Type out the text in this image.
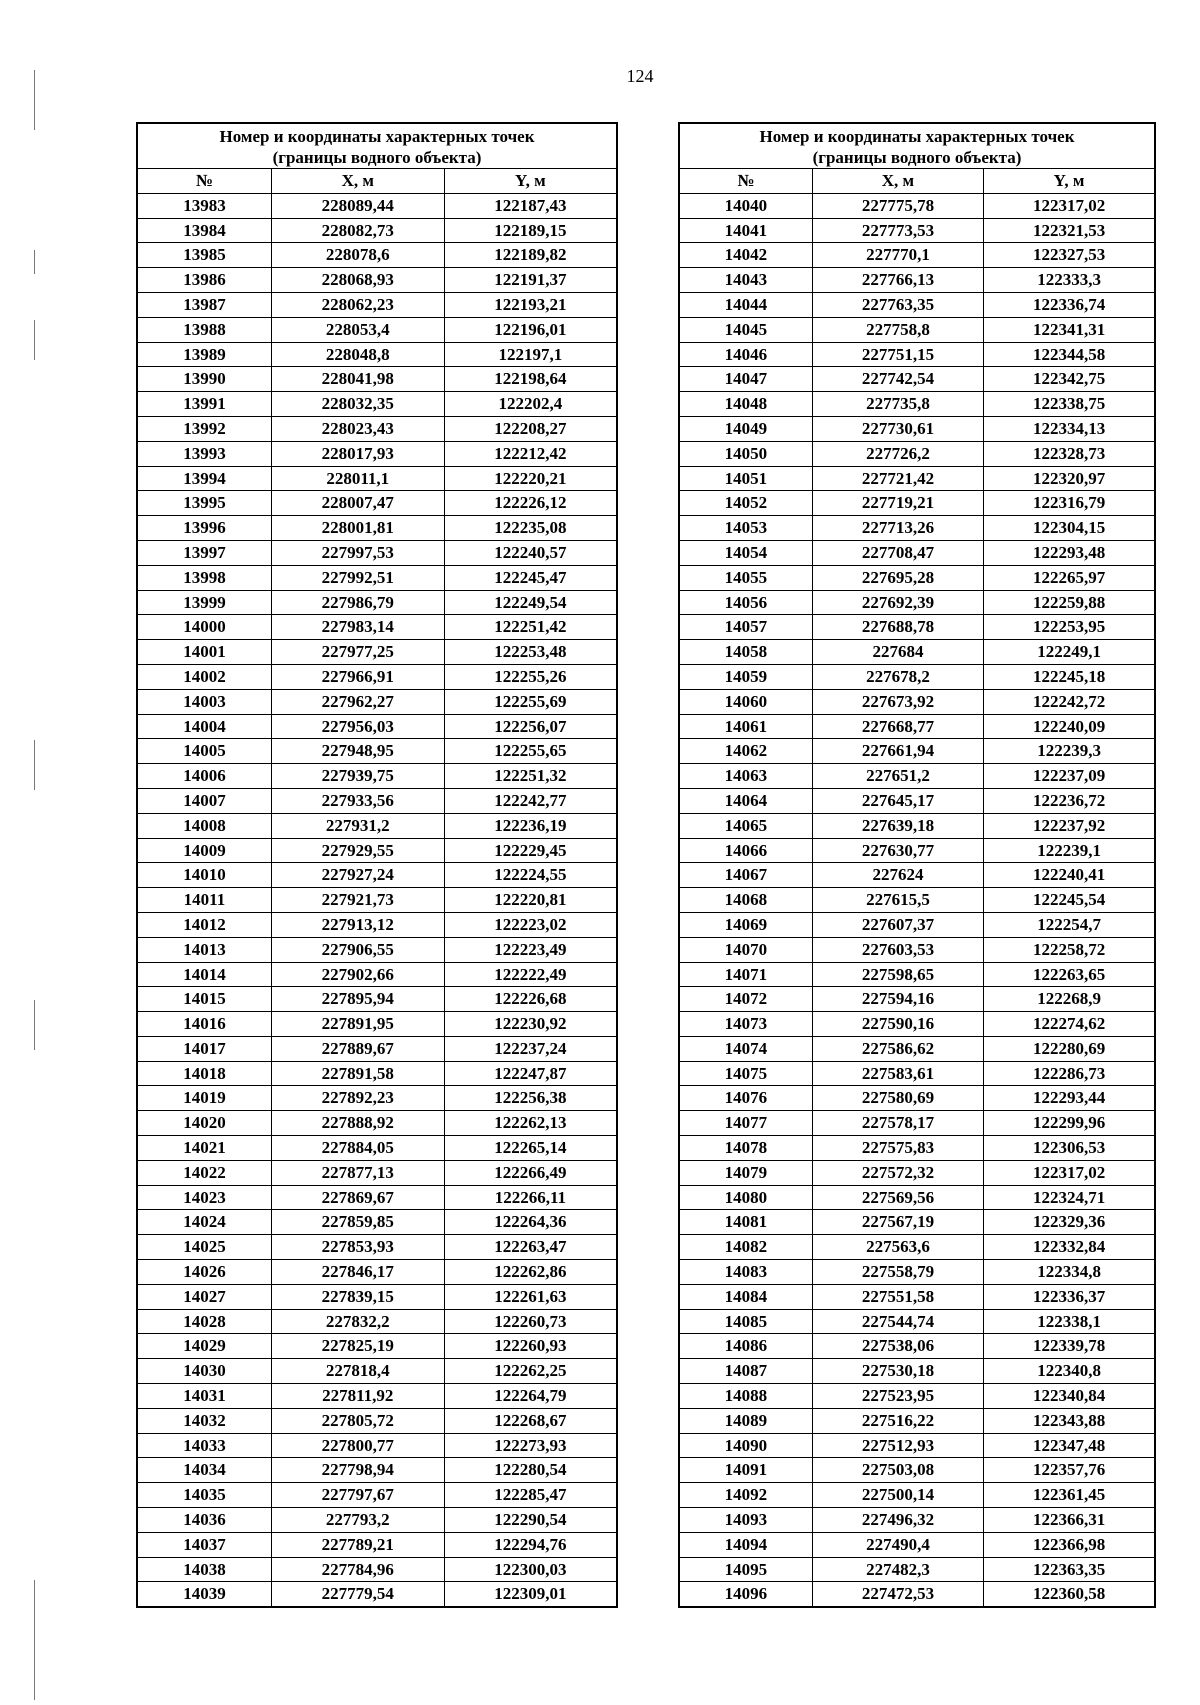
124
Номер и координаты характерных точек
(границы водного объекта)		
№	X, м	Y, м
13983	228089,44	122187,43
13984	228082,73	122189,15
13985	228078,6	122189,82
13986	228068,93	122191,37
13987	228062,23	122193,21
13988	228053,4	122196,01
13989	228048,8	122197,1
13990	228041,98	122198,64
13991	228032,35	122202,4
13992	228023,43	122208,27
13993	228017,93	122212,42
13994	228011,1	122220,21
13995	228007,47	122226,12
13996	228001,81	122235,08
13997	227997,53	122240,57
13998	227992,51	122245,47
13999	227986,79	122249,54
14000	227983,14	122251,42
14001	227977,25	122253,48
14002	227966,91	122255,26
14003	227962,27	122255,69
14004	227956,03	122256,07
14005	227948,95	122255,65
14006	227939,75	122251,32
14007	227933,56	122242,77
14008	227931,2	122236,19
14009	227929,55	122229,45
14010	227927,24	122224,55
14011	227921,73	122220,81
14012	227913,12	122223,02
14013	227906,55	122223,49
14014	227902,66	122222,49
14015	227895,94	122226,68
14016	227891,95	122230,92
14017	227889,67	122237,24
14018	227891,58	122247,87
14019	227892,23	122256,38
14020	227888,92	122262,13
14021	227884,05	122265,14
14022	227877,13	122266,49
14023	227869,67	122266,11
14024	227859,85	122264,36
14025	227853,93	122263,47
14026	227846,17	122262,86
14027	227839,15	122261,63
14028	227832,2	122260,73
14029	227825,19	122260,93
14030	227818,4	122262,25
14031	227811,92	122264,79
14032	227805,72	122268,67
14033	227800,77	122273,93
14034	227798,94	122280,54
14035	227797,67	122285,47
14036	227793,2	122290,54
14037	227789,21	122294,76
14038	227784,96	122300,03
14039	227779,54	122309,01
Номер и координаты характерных точек
(границы водного объекта)		
№	X, м	Y, м
14040	227775,78	122317,02
14041	227773,53	122321,53
14042	227770,1	122327,53
14043	227766,13	122333,3
14044	227763,35	122336,74
14045	227758,8	122341,31
14046	227751,15	122344,58
14047	227742,54	122342,75
14048	227735,8	122338,75
14049	227730,61	122334,13
14050	227726,2	122328,73
14051	227721,42	122320,97
14052	227719,21	122316,79
14053	227713,26	122304,15
14054	227708,47	122293,48
14055	227695,28	122265,97
14056	227692,39	122259,88
14057	227688,78	122253,95
14058	227684	122249,1
14059	227678,2	122245,18
14060	227673,92	122242,72
14061	227668,77	122240,09
14062	227661,94	122239,3
14063	227651,2	122237,09
14064	227645,17	122236,72
14065	227639,18	122237,92
14066	227630,77	122239,1
14067	227624	122240,41
14068	227615,5	122245,54
14069	227607,37	122254,7
14070	227603,53	122258,72
14071	227598,65	122263,65
14072	227594,16	122268,9
14073	227590,16	122274,62
14074	227586,62	122280,69
14075	227583,61	122286,73
14076	227580,69	122293,44
14077	227578,17	122299,96
14078	227575,83	122306,53
14079	227572,32	122317,02
14080	227569,56	122324,71
14081	227567,19	122329,36
14082	227563,6	122332,84
14083	227558,79	122334,8
14084	227551,58	122336,37
14085	227544,74	122338,1
14086	227538,06	122339,78
14087	227530,18	122340,8
14088	227523,95	122340,84
14089	227516,22	122343,88
14090	227512,93	122347,48
14091	227503,08	122357,76
14092	227500,14	122361,45
14093	227496,32	122366,31
14094	227490,4	122366,98
14095	227482,3	122363,35
14096	227472,53	122360,58
